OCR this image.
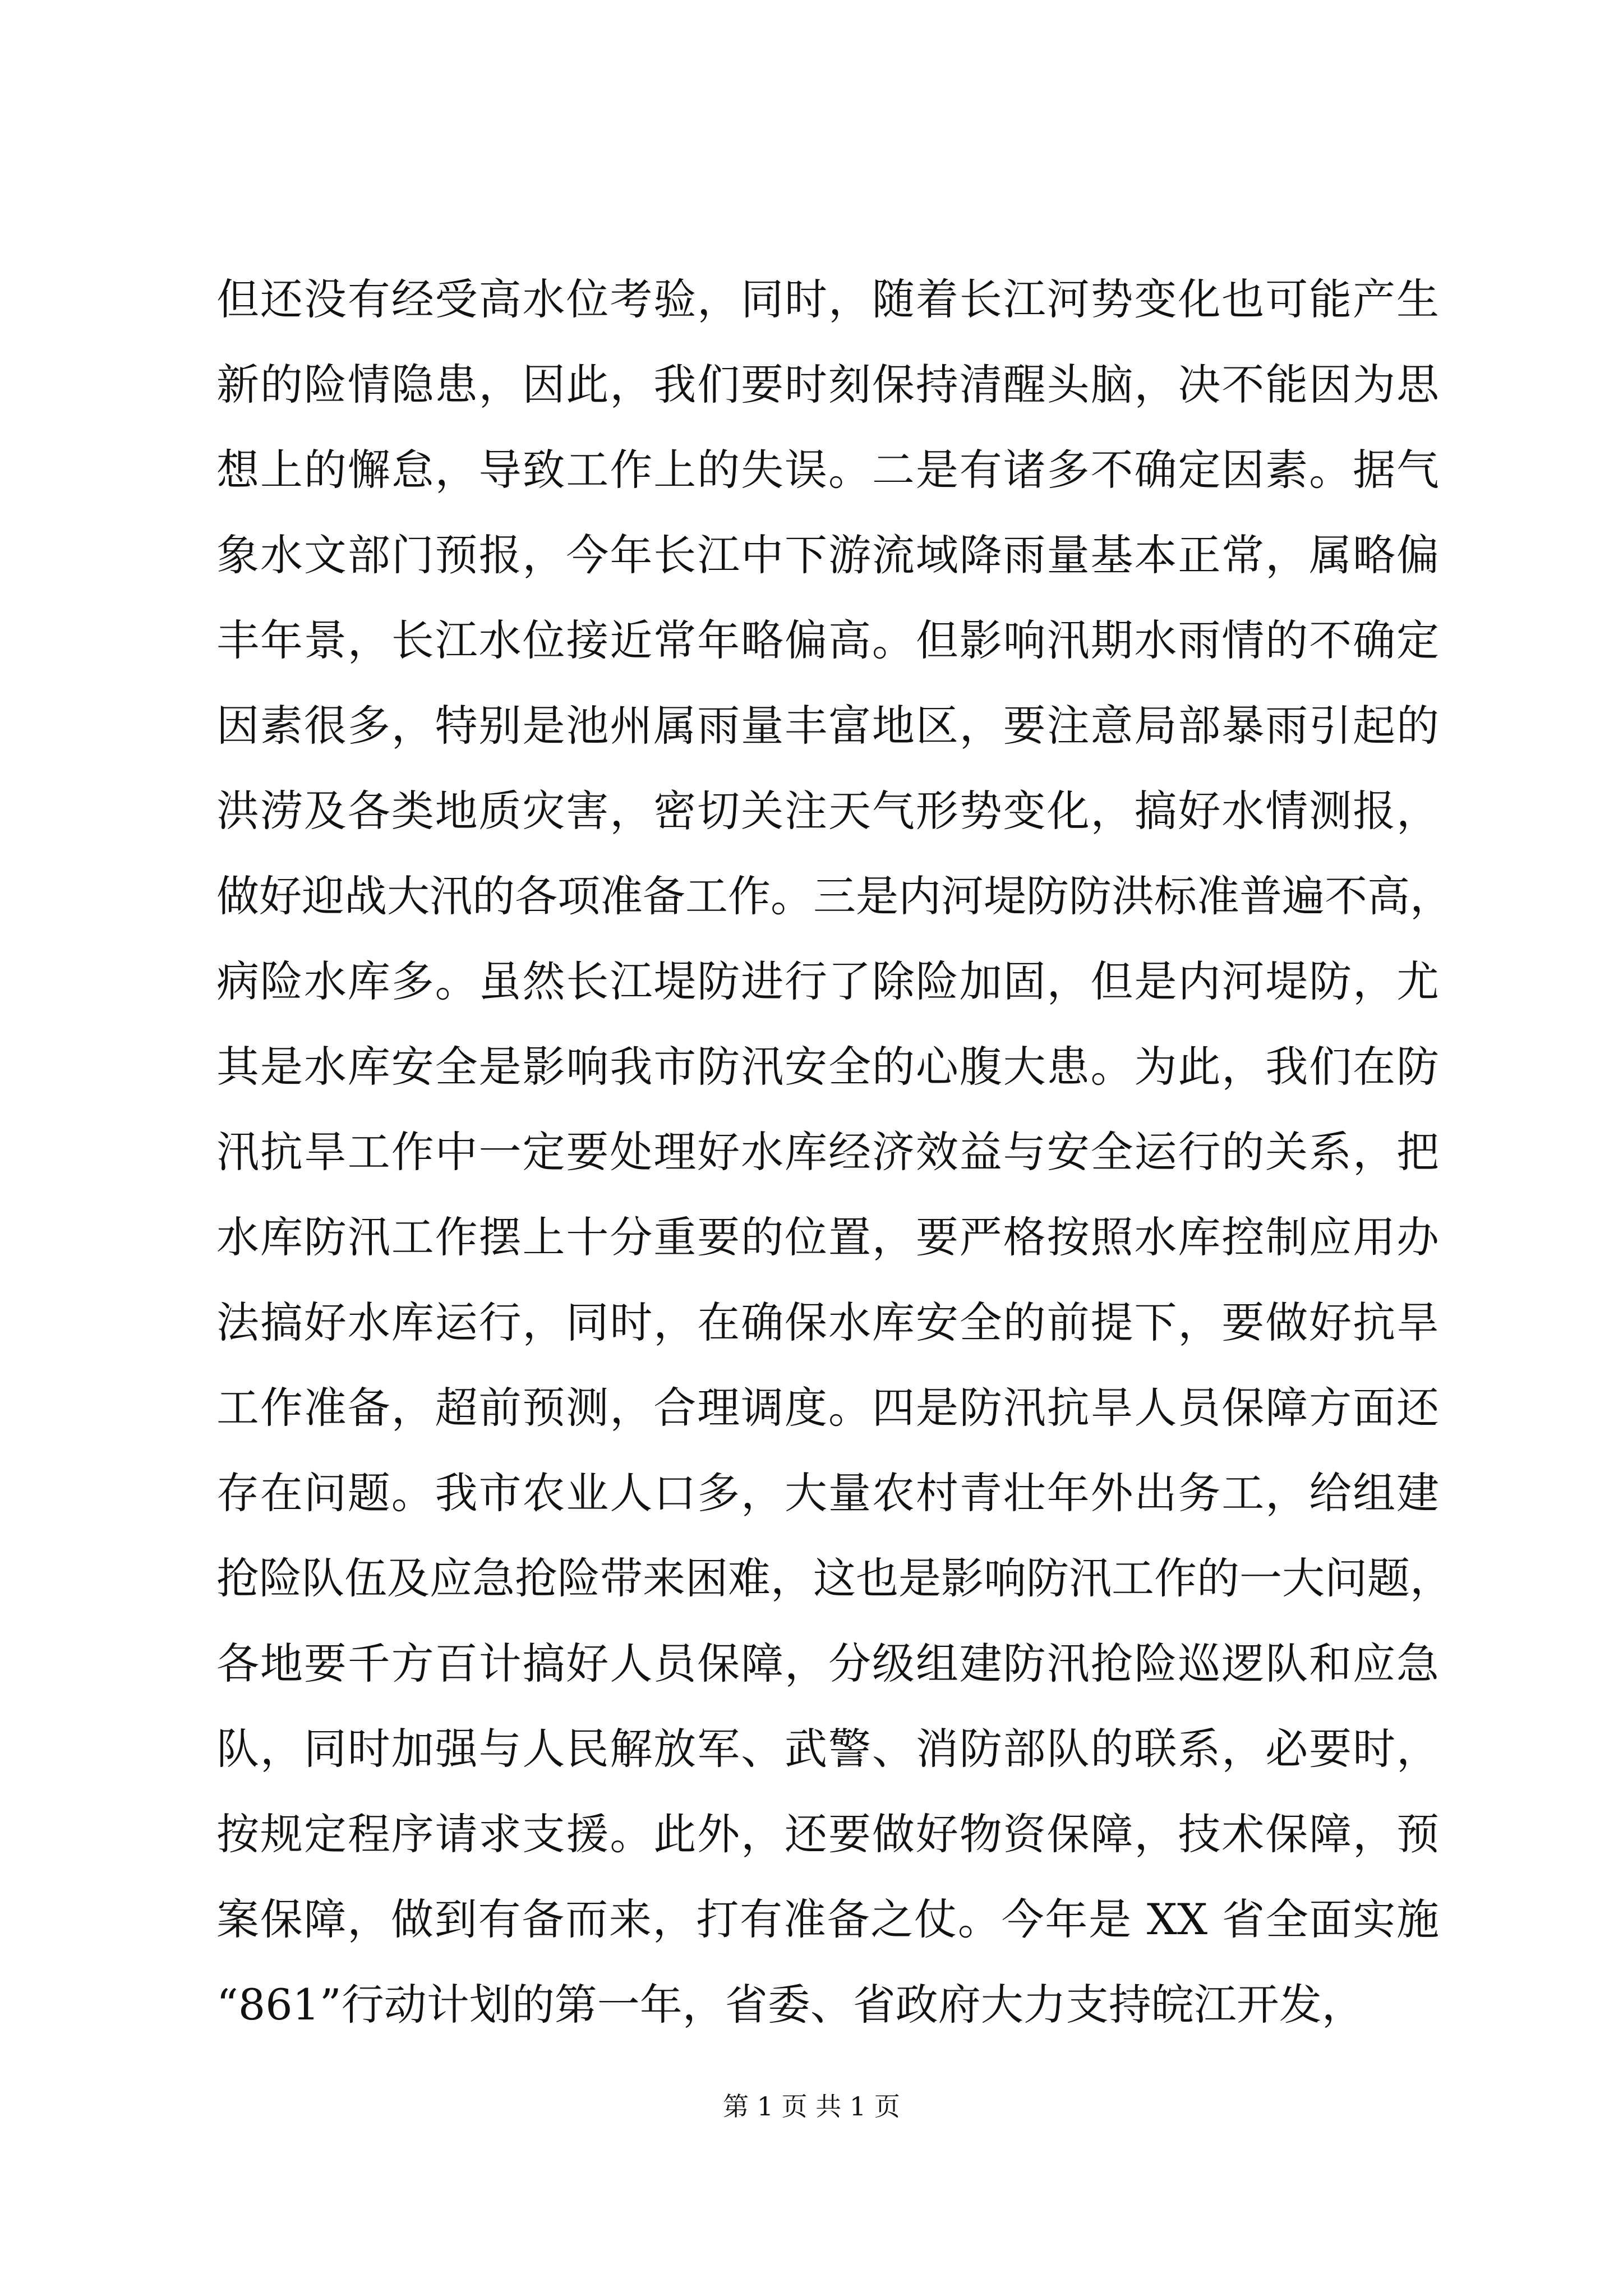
但还没有经受高水位考验，同时，随着长江河势变化也可能产生
新的险情隐患，因此，我们要时刻保持清醒头脑，决不能因为思
想上的懈怠，导致工作上的失误。二是有诸多不确定因素。据气
象水文部门预报，今年长江中下游流域降雨量基本正常，属略偏
丰年景，长江水位接近常年略偏高。但影响汛期水雨情的不确定
因素很多，特别是池州属雨量丰富地区，要注意局部暴雨引起的
洪涝及各类地质灾害，密切关注天气形势变化，搞好水情测报，
做好迎战大汛的各项准备工作。三是内河堤防防洪标准普遍不高，
病险水库多。虽然长江堤防进行了除险加固，但是内河堤防，尤
其是水库安全是影响我市防汛安全的心腹大患。为此，我们在防
汛抗旱工作中一定要处理好水库经济效益与安全运行的关系，把
水库防汛工作摆上十分重要的位置，要严格按照水库控制应用办
法搞好水库运行，同时，在确保水库安全的前提下，要做好抗旱
工作准备，超前预测，合理调度。四是防汛抗旱人员保障方面还
存在问题。我市农业人口多，大量农村青壮年外出务工，给组建
抢险队伍及应急抢险带来困难，这也是影响防汛工作的一大问题，
各地要千方百计搞好人员保障，分级组建防汛抢险巡逻队和应急
队，同时加强与人民解放军、武警、消防部队的联系，必要时，
按规定程序请求支援。此外，还要做好物资保障，技术保障，预
案保障，做到有备而来，打有准备之仗。今年是 XX 省全面实施
“861”行动计划的第一年，省委、省政府大力支持皖江开发，
第 1 页 共 1 页
